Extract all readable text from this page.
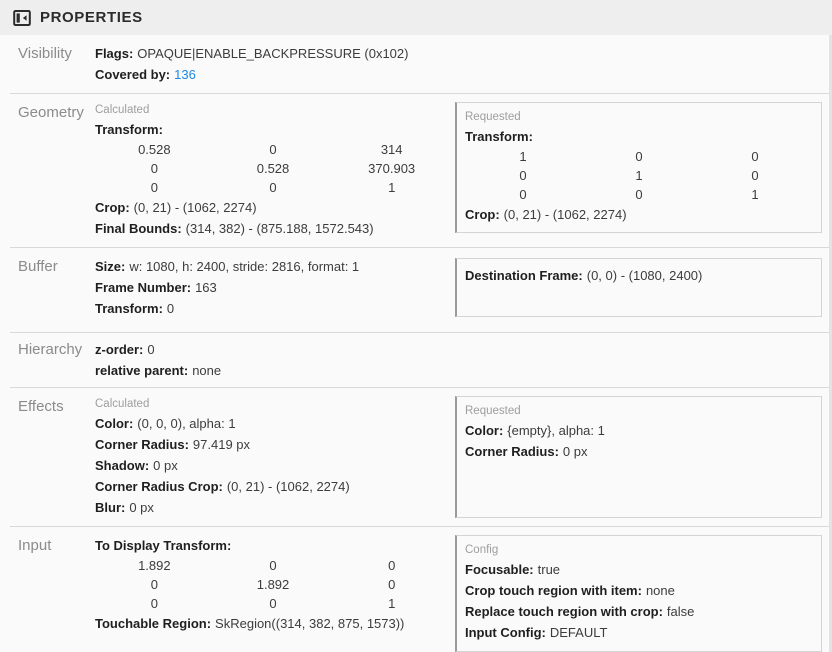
PROPERTIES
Visibility	Flags: OPAQUE|ENABLE_BACKPRESSURE (0x102)
Covered by: 136
Geometry Calculated
Transform:
0.528	0	314
0	0.528	370.903
0	0	1
Crop: (0, 21) - (1062, 2274)
Final Bounds: (314, 382) - (875.188, 1572.543)
Requested
Transform:
1	0	0
0	1	0
0	0	1
Crop: (0, 21) - (1062, 2274)
Buffer	Size: w: 1080, h: 2400, stride: 2816, format: 1
Frame Number: 163
Transform: 0
Destination Frame: (0, 0) - (1080, 2400)
Hierarchy z-order: 0
relative parent: none
Effects	Calculated
Color: (0, 0, 0), alpha: 1
Corner Radius: 97.419 px
Shadow: 0 px
Corner Radius Crop: (0, 21) - (1062, 2274)
Blur: 0 px
Requested
Color: {empty}, alpha: 1
Corner Radius: 0 px
Input	To Display Transform:
1.892	0	0
0	1.892	0
0	0	1
Touchable Region: SkRegion((314, 382, 875, 1573))
Config
Focusable: true
Crop touch region with item: none
Replace touch region with crop: false
Input Config: DEFAULT
